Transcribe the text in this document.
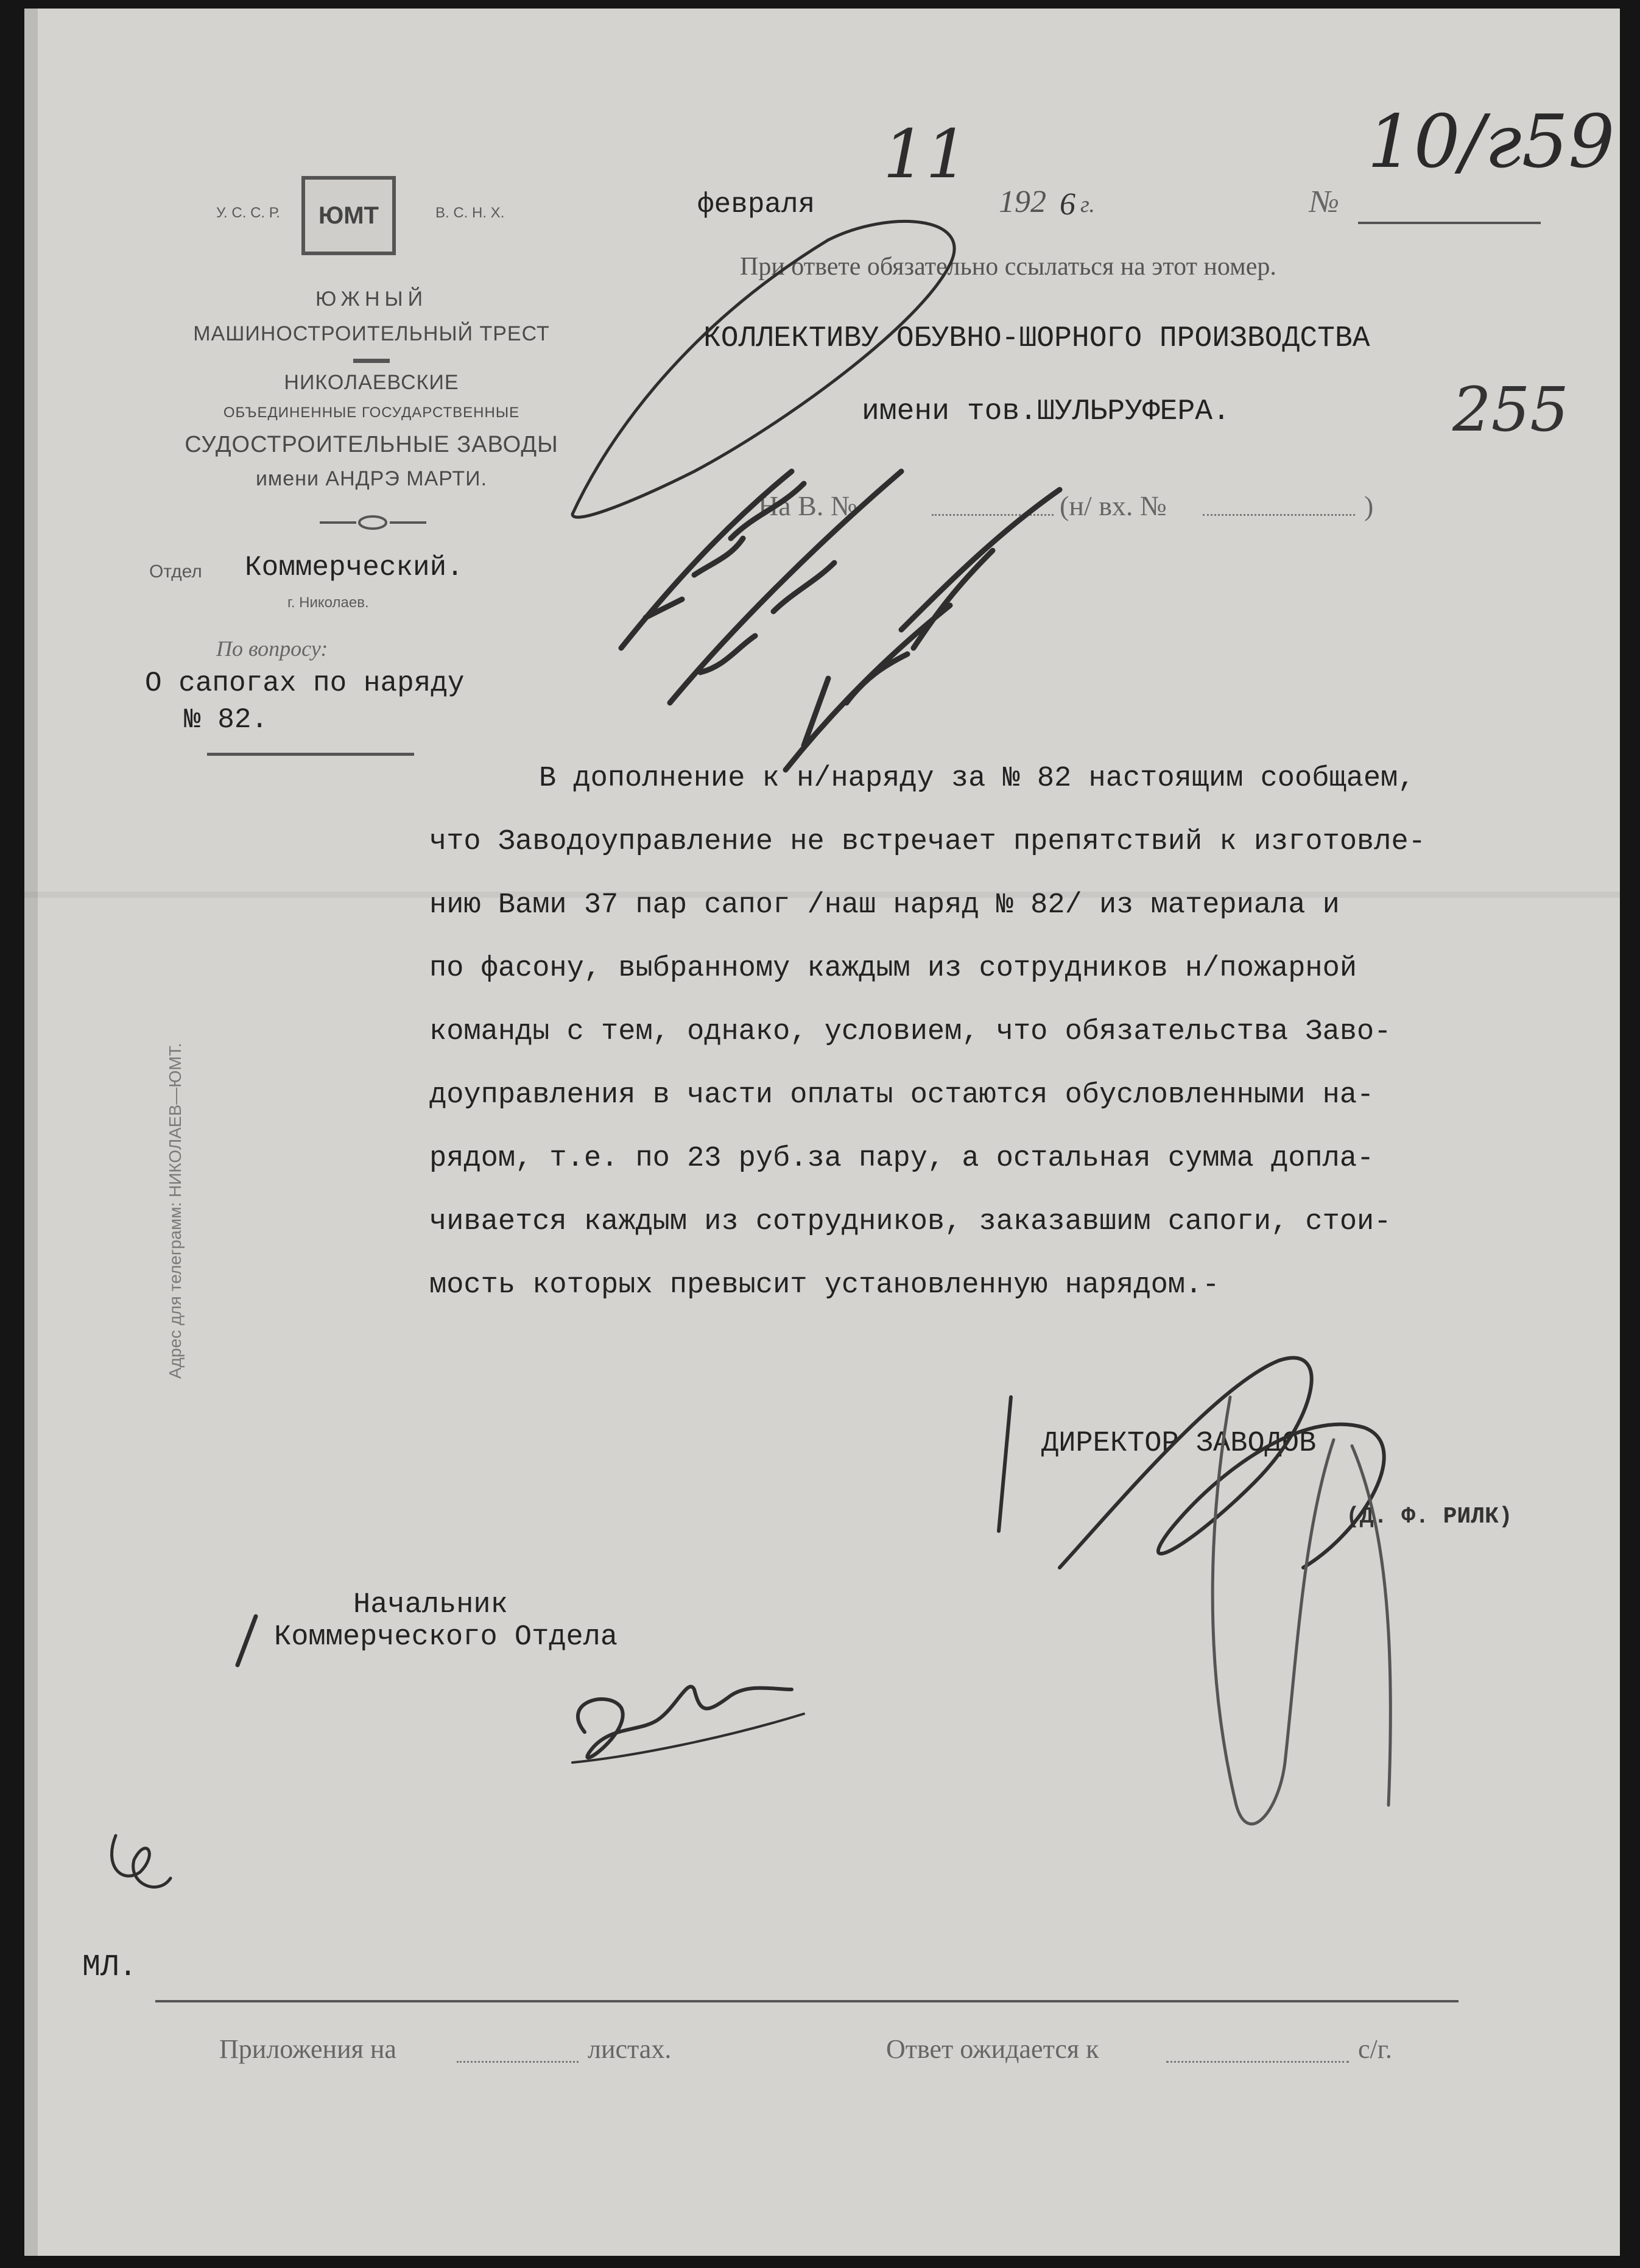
У. С. С. Р.	ЮМТ	В. С. Н. Х.
ЮЖНЫЙ
МАШИНОСТРОИТЕЛЬНЫЙ ТРЕСТ
НИКОЛАЕВСКИЕ
ОБЪЕДИНЕННЫЕ ГОСУДАРСТВЕННЫЕ
СУДОСТРОИТЕЛЬНЫЕ ЗАВОДЫ
имени АНДРЭ МАРТИ.
Отдел Коммерческий.
г. Николаев.
По вопросу:
О сапогах по наряду
№ 82.
Адрес для телеграмм: НИКОЛАЕВ—ЮМТ.
февраля
11
192 6 г.	№
10/г59
При ответе обязательно ссылаться на этот номер.
КОЛЛЕКТИВУ ОБУВНО-ШОРНОГО ПРОИЗВОДСТВА
имени тов.ШУЛЬРУФЕРА.	255
На В. №	(н/ вх. №	)
В дополнение к н/наряду за № 82 настоящим сообщаем,
что Заводоуправление не встречает препятствий к изготовле-
нию Вами 37 пар сапог /наш наряд № 82/ из материала и
по фасону, выбранному каждым из сотрудников н/пожарной
команды с тем, однако, условием, что обязательства Заво-
доуправления в части оплаты остаются обусловленными на-
рядом, т.е. по 23 руб.за пару, а остальная сумма допла-
чивается каждым из сотрудников, заказавшим сапоги, стои-
мость которых превысит установленную нарядом.-
ДИРЕКТОР ЗАВОДОВ
(Д. Ф. РИЛК)
Начальник
Коммерческого Отдела
МЛ.
Приложения на	листах.	Ответ ожидается к	с/г.
